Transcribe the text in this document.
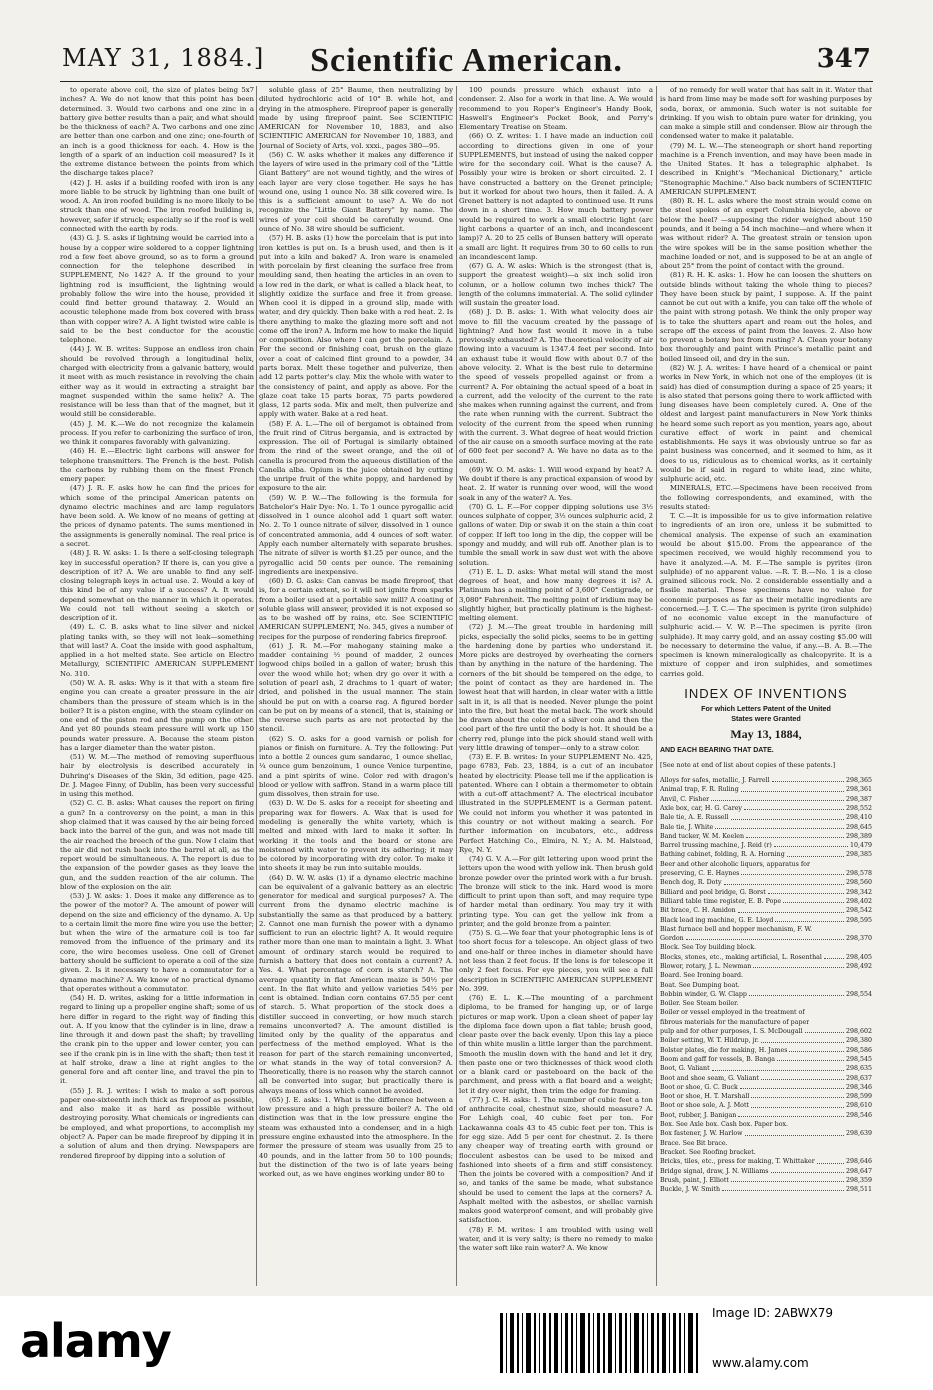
MAY 31, 1884.]	Scientific American.	347

to operate above coil, the size of plates being 5x7 inches? A. We do not know that this point has been determined. 3. Would two carbons and one zinc in a battery give better results than a pair, and what should be the thickness of each? A. Two carbons and one zinc are better than one carbon and one zinc; one-fourth of an inch is a good thickness for each. 4. How is the length of a spark of an induction coil measured? Is it the extreme distance between the points from which the discharge takes place?

(42) J. H. asks if a building roofed with iron is any more liable to be struck by lightning than one built of wood. A. An iron roofed building is no more likely to be struck than one of wood. The iron roofed building is, however, safer if struck; especially so if the roof is well connected with the earth by rods.

(43) G. J. S. asks if lightning would be carried into a house by a copper wire soldered to a copper lightning rod a few feet above ground, so as to form a ground connection for the telephone described in SUPPLEMENT, No 142? A. If the ground to your lightning rod is insufficient, the lightning would probably follow the wire into the house, provided it could find better ground thataway. 2. Would an acoustic telephone made from box covered with brass than with copper wire? A. A light twisted wire cable is said to be the best conductor for the acoustic telephone.

(44) J. W. B. writes: Suppose an endless iron chain should be revolved through a longitudinal helix, charged with electricity from a galvanic battery, would it meet with as much resistance in revolving the chain either way as it would in extracting a straight bar magnet suspended within the same helix? A. The resistance will be less than that of the magnet, but it would still be considerable.

(45) J. M. K.—We do not recognize the kalamein process. If you refer to carbonizing the surface of iron, we think it compares favorably with galvanizing.

(46) H. E.—Electric light carbons will answer for telephone transmitters. The French is the best. Polish the carbons by rubbing them on the finest French emery paper.

(47) J. R. F. asks how he can find the prices for which some of the principal American patents on dynamo electric machines and arc lamp regulators have been sold. A. We know of no means of getting at the prices of dynamo patents. The sums mentioned in the assignments is generally nominal. The real price is a secret.

(48) J. R. W. asks: 1. Is there a self-closing telegraph key in successful operation? If there is, can you give a description of it? A. We are unable to find any self-closing telegraph keys in actual use. 2. Would a key of this kind be of any value if a success? A. It would depend somewhat on the manner in which it operates. We could not tell without seeing a sketch or description of it.

(49) L. C. B. asks what to line silver and nickel plating tanks with, so they will not leak—something that will last? A. Coat the inside with good asphaltum, applied in a hot melted state. See article on Electro Metallurgy, SCIENTIFIC AMERICAN SUPPLEMENT No. 310.

(50) W. A. R. asks: Why is it that with a steam fire engine you can create a greater pressure in the air chambers than the pressure of steam which is in the boiler? It is a piston engine, with the steam cylinder on one end of the piston rod and the pump on the other. And yet 80 pounds steam pressure will work up 150 pounds water pressure. A. Because the steam piston has a larger diameter than the water piston.

(51) W. M.—The method of removing superfluous hair by electrolysis is described accurately in Duhring's Diseases of the Skin, 3d edition, page 425. Dr. J. Magee Finny, of Dublin, has been very successful in using this method.

(52) C. C. B. asks: What causes the report on firing a gun? In a controversy on the point, a man in this shop claimed that it was caused by the air being forced back into the barrel of the gun, and was not made till the air reached the breech of the gun. Now I claim that the air did not rush back into the barrel at all, as the report would be simultaneous. A. The report is due to the expansion of the powder gases as they leave the gun, and the sudden reaction of the air column. The blow of the explosion on the air.

(53) J. W. asks: 1. Does it make any difference as to the power of the motor? A. The amount of power will depend on the size and efficiency of the dynamo. A. Up to a certain limit the more fine wire you use the better; but when the wire of the armature coil is too far removed from the influence of the primary and its core, the wire becomes useless. One cell of Grenet battery should be sufficient to operate a coil of the size given. 2. Is it necessary to have a commutator for a dynamo machine? A. We know of no practical dynamo that operates without a commutator.

(54) H. D. writes, asking for a little information in regard to lining up a propeller engine shaft; some of us here differ in regard to the right way of finding this out. A. If you know that the cylinder is in line, draw a line through it and down past the shaft; by travelling the crank pin to the upper and lower center, you can see if the crank pin is in line with the shaft; then test it at half stroke, draw a line at right angles to the general fore and aft center line, and travel the pin to it.

(55) J. R. J. writes: I wish to make a soft porous paper one-sixteenth inch thick as fireproof as possible, and also make it as hard as possible without destroying porosity. What chemicals or ingredients can be employed, and what proportions, to accomplish my object? A. Paper can be made fireproof by dipping it in a solution of alum and then drying. Newspapers are rendered fireproof by dipping into a solution of

soluble glass of 25° Baume, then neutralizing by diluted hydrochloric acid of 10° B. while hot, and drying in the atmosphere. Fireproof paper is generally made by using fireproof paint. See SCIENTIFIC AMERICAN for November 10, 1883, and also SCIENTIFIC AMERICAN for November 10, 1883, and Journal of Society of Arts, vol. xxxi., pages 380—95.

(56) C. W. asks whether it makes any difference if the layers of wire used in the primary coil of the "Little Giant Battery" are not wound tightly, and the wires of each layer are very close together. He says he has wound one, using 1 ounce No. 38 silk covered wire. Is this is a sufficient amount to use? A. We do not recognize the "Little Giant Battery" by name. The wires of your coil should be carefully wound. One ounce of No. 38 wire should be sufficient.

(57) H. B. asks (1) how the porcelain that is put into iron kettles is put on. Is a brush used, and then is it put into a kiln and baked? A. Iron ware is enameled with porcelain by first cleaning the surface free from moulding sand, then heating the articles in an oven to a low red in the dark, or what is called a black heat, to slightly oxidize the surface and free it from grease. When cool it is dipped in a ground slip, made with water, and dry quickly. Then bake with a red heat. 2. Is there anything to make the glazing more soft and not come off the iron? A. Inform me how to make the liquid or composition. Also where I can get the porcelain. A. For the second or finishing coat, brush on the glaze over a coat of calcined flint ground to a powder, 34 parts borax. Melt these together and pulverize, then add 12 parts potter's clay. Mix the whole with water to the consistency of paint, and apply as above. For the glaze coat take 15 parts borax, 75 parts powdered glass, 12 parts soda. Mix and melt, then pulverize and apply with water. Bake at a red heat.

(58) F. A. L.—The oil of bergamot is obtained from the fruit rind of Citrus bergamia, and is extracted by expression. The oil of Portugal is similarly obtained from the rind of the sweet orange, and the oil of canella is procured from the aqueous distillation of the Canella alba. Opium is the juice obtained by cutting the unripe fruit of the white poppy, and hardened by exposure to the air.

(59) W. P. W.—The following is the formula for Batchelor's Hair Dye: No. 1. To 1 ounce pyrogallic acid dissolved in 1 ounce alcohol add 1 quart soft water. No. 2. To 1 ounce nitrate of silver, dissolved in 1 ounce of concentrated ammonia, add 4 ounces of soft water. Apply each number alternately with separate brushes. The nitrate of silver is worth $1.25 per ounce, and the pyrogallic acid 50 cents per ounce. The remaining ingredients are inexpensive.

(60) D. G. asks: Can canvas be made fireproof, that is, for a certain extent, so it will not ignite from sparks from a boiler used at a portable saw mill? A coating of soluble glass will answer, provided it is not exposed so as to be washed off by rains, etc. See SCIENTIFIC AMERICAN SUPPLEMENT, No. 345, gives a number of recipes for the purpose of rendering fabrics fireproof.

(61) J. R. M.—For mahogany staining make a madder containing ½ pound of madder, 2 ounces logwood chips boiled in a gallon of water; brush this over the wood while hot; when dry go over it with a solution of pearl ash, 2 drachms to 1 quart of water; dried, and polished in the usual manner. The stain should be put on with a coarse rag. A figured border can be put on by means of a stencil, that is, staining or the reverse such parts as are not protected by the stencil.

(62) S. O. asks for a good varnish or polish for pianos or finish on furniture. A. Try the following: Put into a bottle 2 ounces gum sandarac, 1 ounce shellac, ¼ ounce gum benzoinum, 1 ounce Venice turpentine, and a pint spirits of wine. Color red with dragon's blood or yellow with saffron. Stand in a warm place till gum dissolves, then strain for use.

(63) D. W. De S. asks for a receipt for sheeting and preparing wax for flowers. A. Wax that is used for modeling is generally the white variety, which is melted and mixed with lard to make it softer. In working it the tools and the board or stone are moistened with water to prevent its adhering; it may be colored by incorporating with dry color. To make it into sheets it may be run into suitable moulds.

(64) D. W. W. asks (1) if a dynamo electric machine can be equivalent of a galvanic battery as an electric generator for medical and surgical purposes? A. The current from the dynamo electric machine is substantially the same as that produced by a battery. 2. Cannot one man furnish the power with a dynamo sufficient to run an electric light? A. It would require rather more than one man to maintain a light. 3. What amount of ordinary starch would be required to furnish a battery that does not contain a current? A. Yes. 4. What percentage of corn is starch? A. The average quantity in flat American maize is 50½ per cent. In the flat white and yellow varieties 54½ per cent is obtained. Indian corn contains 67.55 per cent of starch. 5. What proportion of the stock does a distiller succeed in converting, or how much starch remains unconverted? A. The amount distilled is limited only by the quality of the apparatus and perfectness of the method employed. What is the reason for part of the starch remaining unconverted, or what stands in the way of total conversion? A. Theoretically, there is no reason why the starch cannot all be converted into sugar, but practically there is always means of loss which cannot be avoided.

(65) J. E. asks: 1. What is the difference between a low pressure and a high pressure boiler? A. The old distinction was that in the low pressure engine the steam was exhausted into a condenser, and in a high pressure engine exhausted into the atmosphere. In the former the pressure of steam was usually from 25 to 40 pounds, and in the latter from 50 to 100 pounds; but the distinction of the two is of late years being worked out, as we have engines working under 80 to

100 pounds pressure which exhaust into a condenser. 2. Also for a work in that line. A. We would recommend to you Roper's Engineer's Handy Book, Haswell's Engineer's Pocket Book, and Perry's Elementary Treatise on Steam.

(66) O. Z. writes: 1. I have made an induction coil according to directions given in one of your SUPPLEMENTS, but instead of using the naked copper wire for the secondary coil. What is the cause? A. Possibly your wire is broken or short circuited. 2. I have constructed a battery on the Grenet principle; but it worked for about two hours, then it failed. A. A Grenet battery is not adapted to continued use. It runs down in a short time. 3. How much battery power would be required to work a small electric light (arc light carbons a quarter of an inch, and incandescent lamp)? A. 20 to 25 cells of Bunsen battery will operate a small arc light. It requires from 30 to 60 cells to run an incandescent lamp.

(67) G. A. W. asks: Which is the strongest (that is, support the greatest weight)—a six inch solid iron column, or a hollow column two inches thick? The length of the columns immaterial. A. The solid cylinder will sustain the greater load.

(68) J. D. B. asks: 1. With what velocity does air move to fill the vacuum created by the passage of lightning? And how fast would it move in a tube previously exhausted? A. The theoretical velocity of air flowing into a vacuum is 1347.4 feet per second. Into an exhaust tube it would flow with about 0.7 of the above velocity. 2. What is the best rule to determine the speed of vessels propelled against or from a current? A. For obtaining the actual speed of a boat in a current, add the velocity of the current to the rate she makes when running against the current, and from the rate when running with the current. Subtract the velocity of the current from the speed when running with the current. 3. What degree of heat would friction of the air cause on a smooth surface moving at the rate of 600 feet per second? A. We have no data as to the amount.

(69) W. O. M. asks: 1. Will wood expand by heat? A. We doubt if there is any practical expansion of wood by heat. 2. If water is running over wood, will the wood soak in any of the water? A. Yes.

(70) G. L. F.—For copper dipping solutions use 3½ ounces sulphate of copper, 3½ ounces sulphuric acid, 2 gallons of water. Dip or swab it on the stain a thin coat of copper. If left too long in the dip, the copper will be spongy and muddy, and will rub off. Another plan is to tumble the small work in saw dust wet with the above solution.

(71) E. L. D. asks: What metal will stand the most degrees of heat, and how many degrees it is? A. Platinum has a melting point of 3,600° Centigrade, or 3,080° Fahrenheit. The melting point of iridium may be slightly higher, but practically platinum is the highest-melting element.

(72) J. M.—The great trouble in hardening mill picks, especially the solid picks, seems to be in getting the hardening done by parties who understand it. More picks are destroyed by overheating the corners than by anything in the nature of the hardening. The corners of the bit should be tempered on the edge, to the point of contact as they are hardened in. The lowest heat that will harden, in clear water with a little salt in it, is all that is needed. Never plunge the point into the fire, but heat the metal back. The work should be drawn about the color of a silver coin and then the cool part of the fire until the body is hot. It should be a cherry red, plunge into the pick should stand well with very little drawing of temper—only to a straw color.

(73) E. F. B. writes: In your SUPPLEMENT No. 425, page 6783, Feb. 23, 1884, is a cut of an incubator heated by electricity. Please tell me if the application is patented. Where can I obtain a thermometer to obtain with a cut-off attachment? A. The electrical incubator illustrated in the SUPPLEMENT is a German patent. We could not inform you whether it was patented in this country or not without making a search. For further information on incubators, etc., address Perfect Hatching Co., Elmira, N. Y.; A. M. Halstead, Rye, N. Y.

(74) G. V. A.—For gilt lettering upon wood print the letters upon the wood with yellow ink. Then brush gold bronze powder over the printed work with a fur brush. The bronze will stick to the ink. Hard wood is more difficult to print upon than soft, and may require type of harder metal than ordinary. You may try it with printing type. You can get the yellow ink from a printer, and the gold bronze from a painter.

(75) S. G.—We fear that your photographic lens is of too short focus for a telescope. An object glass of two and one-half or three inches in diameter should have not less than 2 feet focus. If the lens is for telescope it only 2 feet focus. For eye pieces, you will see a full description in SCIENTIFIC AMERICAN SUPPLEMENT No. 399.

(76) E. L. K.—The mounting of a parchment diploma, to be framed for hanging up, or of large pictures or map work. Upon a clean sheet of paper lay the diploma face down upon a flat table; brush good, clear paste over the back evenly. Upon this lay a piece of thin white muslin a little larger than the parchment. Smooth the muslin down with the hand and let it dry, then paste one or two thicknesses of thick wood cloth or a blank card or pasteboard on the back of the parchment, and press with a flat board and a weight; let it dry over night, then trim the edge for framing.

(77) J. C. H. asks: 1. The number of cubic feet a ton of anthracite coal, chestnut size, should measure? A. For Lehigh coal, 40 cubic feet per ton. For Lackawanna coals 43 to 45 cubic feet per ton. This is for egg size. Add 5 per cent for chestnut. 2. Is there any cheaper way of treating earth with ground or flocculent asbestos can be used to be mixed and fashioned into sheets of a firm and stiff consistency. Then the joints be covered with a composition? And if so, and tanks of the same be made, what substance should be used to cement the laps at the corners? A. Asphalt melted with the asbestos, or shellac varnish makes good waterproof cement, and will probably give satisfaction.

(78) F. M. writes: I am troubled with using well water, and it is very salty; is there no remedy to make the water soft like rain water? A. We know

of no remedy for well water that has salt in it. Water that is hard from lime may be made soft for washing purposes by soda, borax, or ammonia. Such water is not suitable for drinking. If you wish to obtain pure water for drinking, you can make a simple still and condenser. Blow air through the condensed water to make it palatable.

(79) M. L. W.—The steneograph or short hand reporting machine is a French invention, and may have been made in the United States. It has a telegraphic alphabet. Is described in Knight's "Mechanical Dictionary," article "Stenographic Machine." Also back numbers of SCIENTIFIC AMERICAN SUPPLEMENT.

(80) R. H. L. asks where the most strain would come on the steel spokes of an expert Columbia bicycle, above or below the heel? —supposing the rider weighed about 150 pounds, and it being a 54 inch machine—and where when it was without rider? A. The greatest strain or tension upon the wire spokes will be in the same position whether the machine loaded or not, and is supposed to be at an angle of about 25° from the point of contact with the ground.

(81) R. H. K. asks: 1. How he can loosen the shutters on outside blinds without taking the whole thing to pieces? They have been stuck by paint, I suppose. A. If the paint cannot be cut out with a knife, you can take off the whole of the paint with strong potash. We think the only proper way is to take the shutters apart and ream out the holes, and scrape off the excess of paint from the leaves. 2. Also how to prevent a botany box from rusting? A. Clean your botany box thoroughly and paint with Prince's metallic paint and boiled linseed oil, and dry in the sun.

(82) W. J. A. writes: I have heard of a chemical or paint works in New York, in which not one of the employes (it is said) has died of consumption during a space of 25 years; it is also stated that persons going there to work afflicted with lung diseases have been completely cured. A. One of the oldest and largest paint manufacturers in New York thinks he heard some such report as you mention, years ago, about curative effect of work in paint and chemical establishments. He says it was obviously untrue so far as paint business was concerned, and it seemed to him, as it does to us, ridiculous as to chemical works, as it certainly would be if said in regard to white lead, zinc white, sulphuric acid, etc.

MINERALS, ETC.—Specimens have been received from the following correspondents, and examined, with the results stated:

T. C.—It is impossible for us to give information relative to ingredients of an iron ore, unless it be submitted to chemical analysis. The expense of such an examination would be about $15.00. From the appearance of the specimen received, we would highly recommend you to have it analyzed.—A. M. F.—The sample is pyrites (iron sulphide) of no apparent value. —R. T. B.—No. 1 is a close grained silicous rock. No. 2 considerable essentially and a fissile material. These specimens have no value for economic purposes as far as their metallic ingredients are concerned.—J. T. C.— The specimen is pyrite (iron sulphide) of no economic value except in the manufacture of sulphuric acid.— V. W. P.—The specimen is pyrite (iron sulphide). It may carry gold, and an assay costing $5.00 will be necessary to determine the value, if any.—B. A. B.—The specimen is known mineralogically as chalcopyrite. It is a mixture of copper and iron sulphides, and sometimes carries gold.

INDEX OF INVENTIONS
For which Letters Patent of the United
States were Granted
May 13, 1884,
AND EACH BEARING THAT DATE.
[See note at end of list about copies of these patents.]
Alloys for safes, metallic, J. Farrell	298,365
Animal trap, F. R. Ruling	298,361
Anvil, C. Fisher	298,387
Axle box, car, H. G. Carey	298,552
Bale tie, A. E. Russell	298,410
Bale tie, J. White	298,645
Band tucker, W. M. Keelen	298,389
Barrel trussing machine, J. Reid (r)	10,479
Bathing cabinet, folding, R. A. Horning	298,385
Beer and other alcoholic liquors, apparatus for
preserving, C. E. Haynes	298,578
Bench dog, R. Doty	298,560
Billiard and pool bridge, G. Borst	298,342
Billiard table time register, E. B. Pope	298,402
Bit brace, C. H. Amidon	298,542
Black lead ing machine, G. E. Lloyd	298,595
Blast furnace bell and hopper mechanism, F. W.
Gordon	298,370
Block. See Toy building block.
Blocks, stones, etc., making artificial, L. Rosenthal	298,405
Blower, rotary, J. L. Newman	298,492
Board. See Ironing board.
Boat. See Dumping boat.
Bobbin winder, G. W. Clapp	298,554
Boiler. See Steam boiler.
Boiler or vessel employed in the treatment of
fibrous materials for the manufacture of paper
pulp and for other purposes, I. S. McDougall	298,602
Boiler setting, W. T. Hildrup, jr.	298,380
Bolster plates, die for making, H. James	298,586
Boom and gaff for vessels, B. Banga	298,545
Boot, G. Valiant	298,635
Boot and shoe seam, G. Valiant	298,637
Boot or shoe, G. C. Buck	298,346
Boot or shoe, H. T. Marshall	298,599
Boot or shoe sole, A. J. Mott	298,610
Boot, rubber, J. Banigan	298,546
Box. See Axle box. Cash box. Paper box.
Box fastener, J. W. Harlow	298,639
Brace. See Bit brace.
Bracket. See Roofing bracket.
Bricks, tiles, etc., press for making, T. Whittaker	298,646
Bridge signal, draw, J. N. Williams	298,647
Brush, paint, J. Elliott	298,359
Buckle, J. W. Smith	298,511
alamy
Image ID: 2ABWX79
www.alamy.com
